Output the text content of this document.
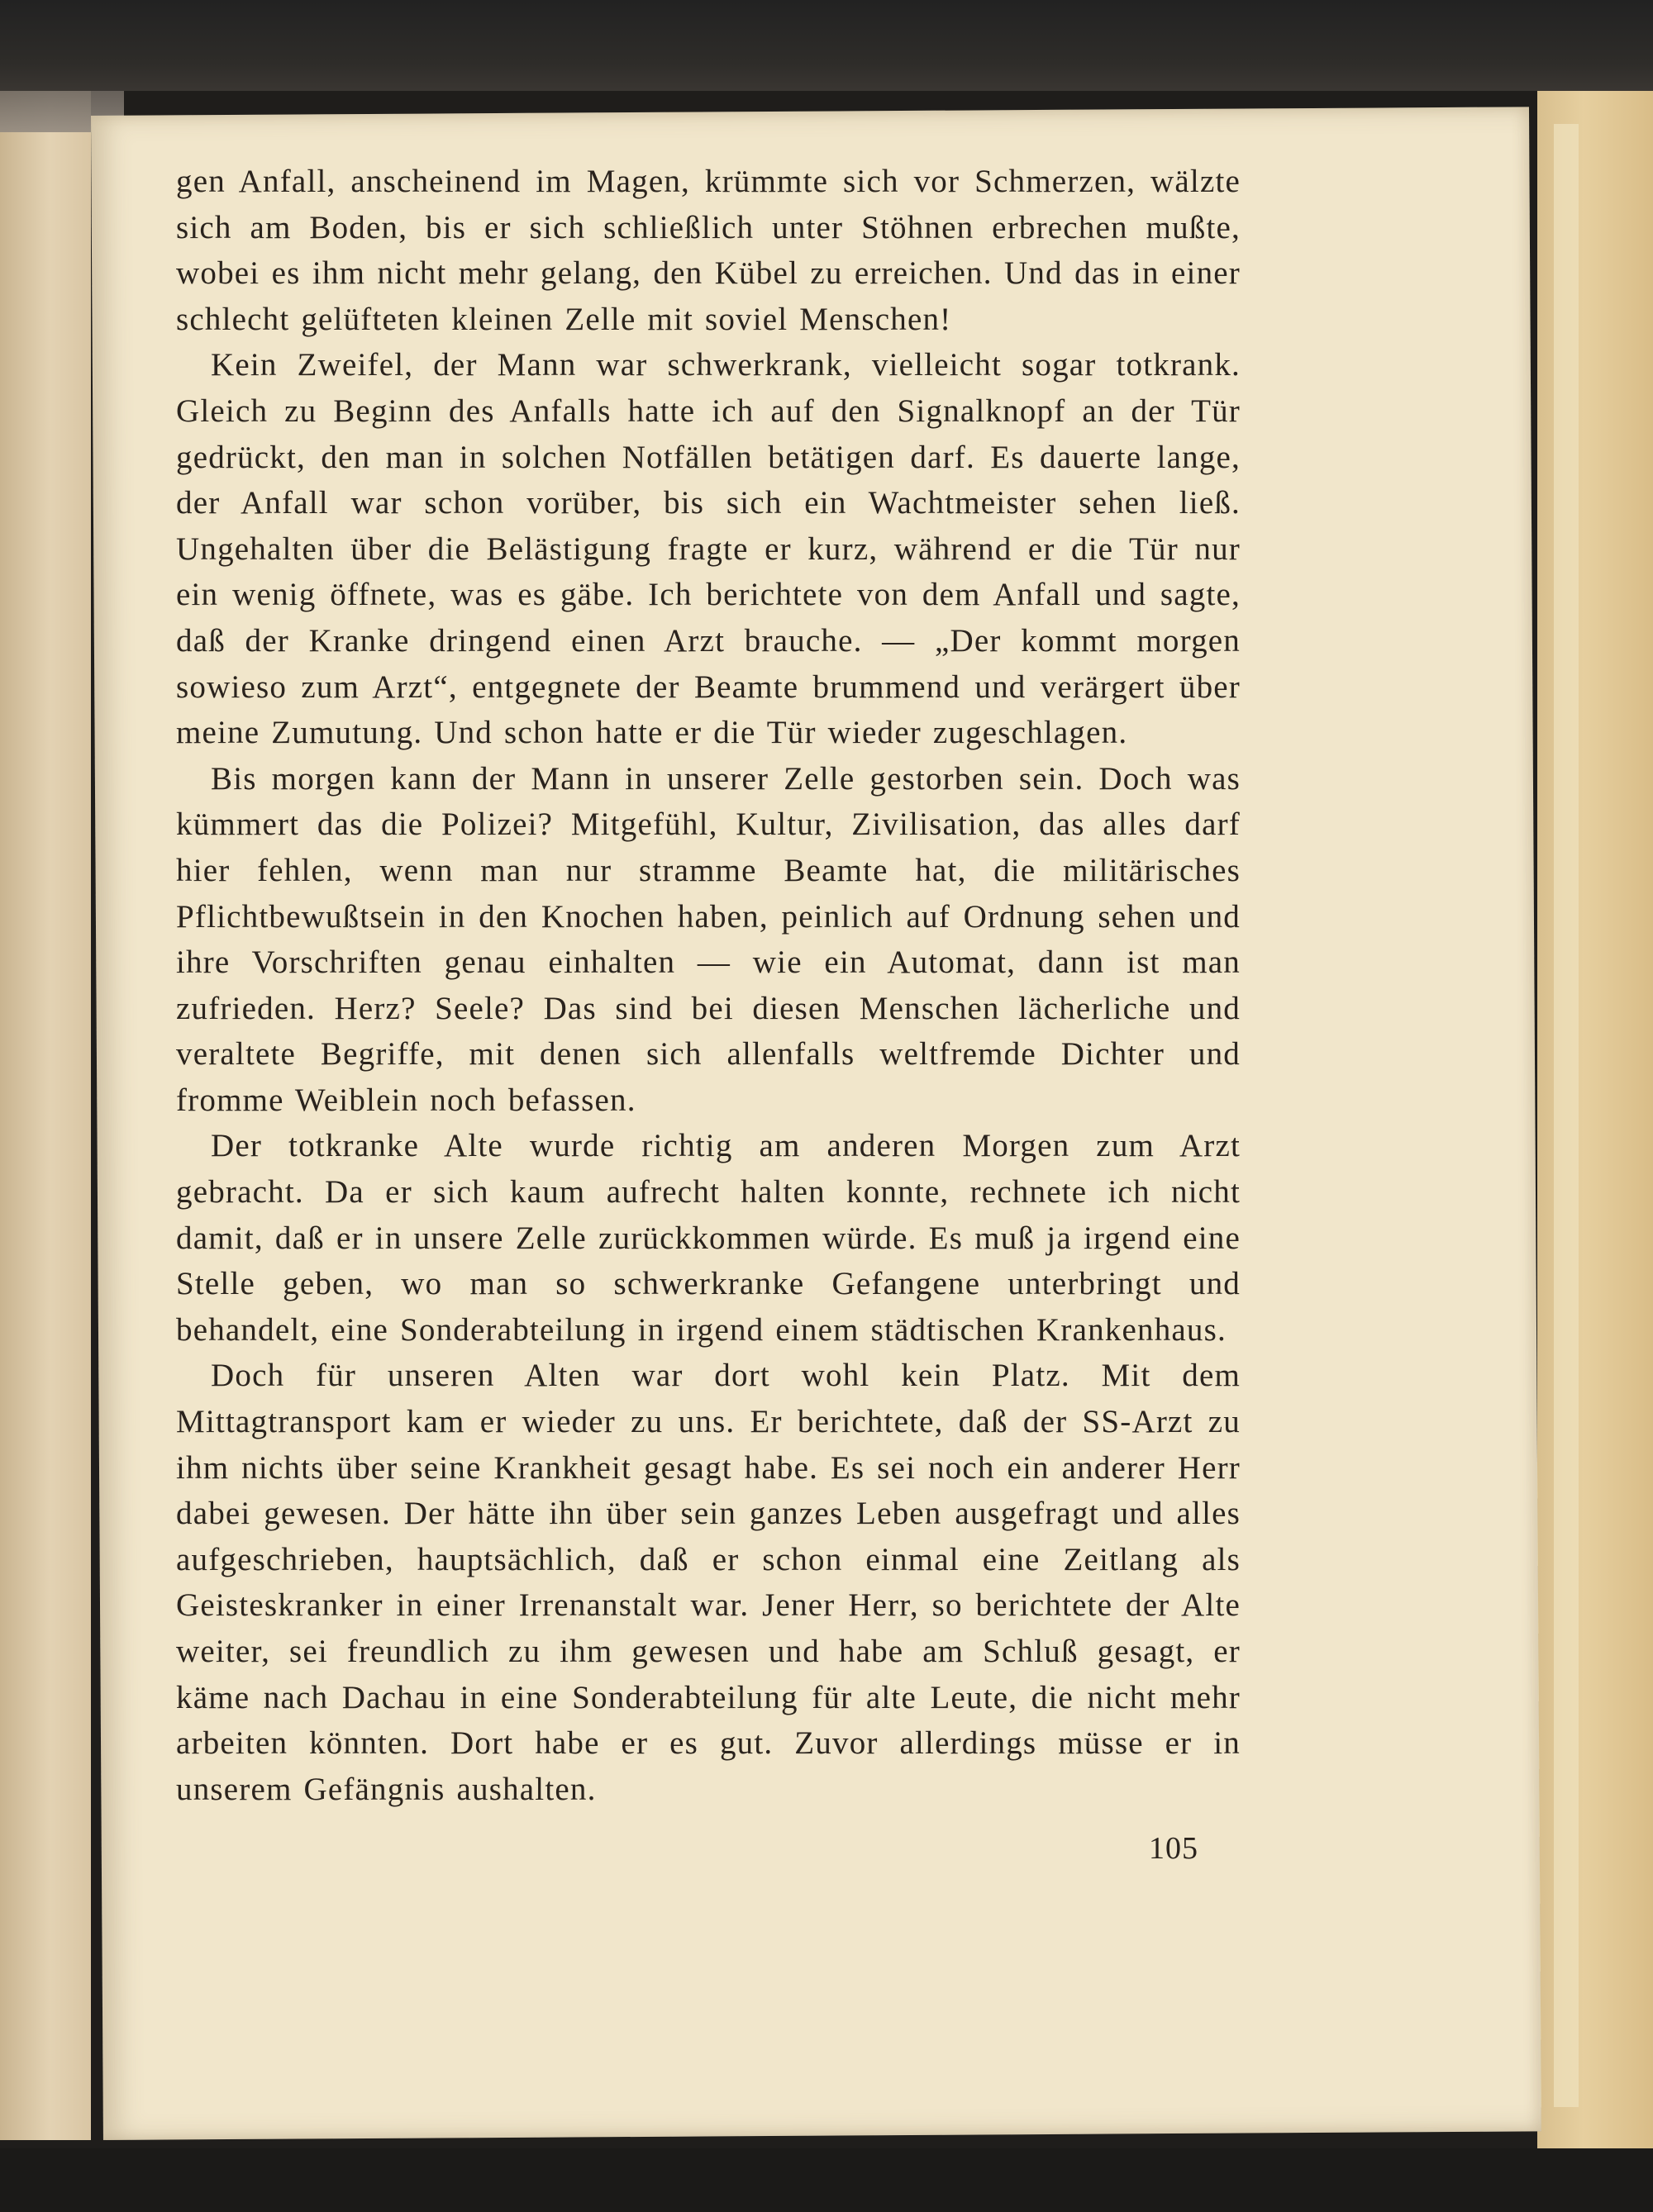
gen Anfall, anscheinend im Magen, krümmte sich vor Schmerzen, wälzte sich am Boden, bis er sich schließlich unter Stöhnen erbrechen mußte, wobei es ihm nicht mehr gelang, den Kübel zu erreichen. Und das in einer schlecht gelüfteten kleinen Zelle mit soviel Menschen!

Kein Zweifel, der Mann war schwerkrank, vielleicht sogar totkrank. Gleich zu Beginn des Anfalls hatte ich auf den Signalknopf an der Tür gedrückt, den man in solchen Notfällen betätigen darf. Es dauerte lange, der Anfall war schon vorüber, bis sich ein Wachtmeister sehen ließ. Ungehalten über die Belästigung fragte er kurz, während er die Tür nur ein wenig öffnete, was es gäbe. Ich berichtete von dem Anfall und sagte, daß der Kranke dringend einen Arzt brauche. — „Der kommt morgen sowieso zum Arzt“, entgegnete der Beamte brummend und verärgert über meine Zumutung. Und schon hatte er die Tür wieder zugeschlagen.

Bis morgen kann der Mann in unserer Zelle gestorben sein. Doch was kümmert das die Polizei? Mitgefühl, Kultur, Zivilisation, das alles darf hier fehlen, wenn man nur stramme Beamte hat, die militärisches Pflichtbewußtsein in den Knochen haben, peinlich auf Ordnung sehen und ihre Vorschriften genau einhalten — wie ein Automat, dann ist man zufrieden. Herz? Seele? Das sind bei diesen Menschen lächerliche und veraltete Begriffe, mit denen sich allenfalls weltfremde Dichter und fromme Weiblein noch befassen.

Der totkranke Alte wurde richtig am anderen Morgen zum Arzt gebracht. Da er sich kaum aufrecht halten konnte, rechnete ich nicht damit, daß er in unsere Zelle zurückkommen würde. Es muß ja irgend eine Stelle geben, wo man so schwerkranke Gefangene unterbringt und behandelt, eine Sonderabteilung in irgend einem städtischen Krankenhaus.

Doch für unseren Alten war dort wohl kein Platz. Mit dem Mittagtransport kam er wieder zu uns. Er berichtete, daß der SS-Arzt zu ihm nichts über seine Krankheit gesagt habe. Es sei noch ein anderer Herr dabei gewesen. Der hätte ihn über sein ganzes Leben ausgefragt und alles aufgeschrieben, hauptsächlich, daß er schon einmal eine Zeitlang als Geisteskranker in einer Irrenanstalt war. Jener Herr, so berichtete der Alte weiter, sei freundlich zu ihm gewesen und habe am Schluß gesagt, er käme nach Dachau in eine Sonderabteilung für alte Leute, die nicht mehr arbeiten könnten. Dort habe er es gut. Zuvor allerdings müsse er in unserem Gefängnis aushalten.

105
